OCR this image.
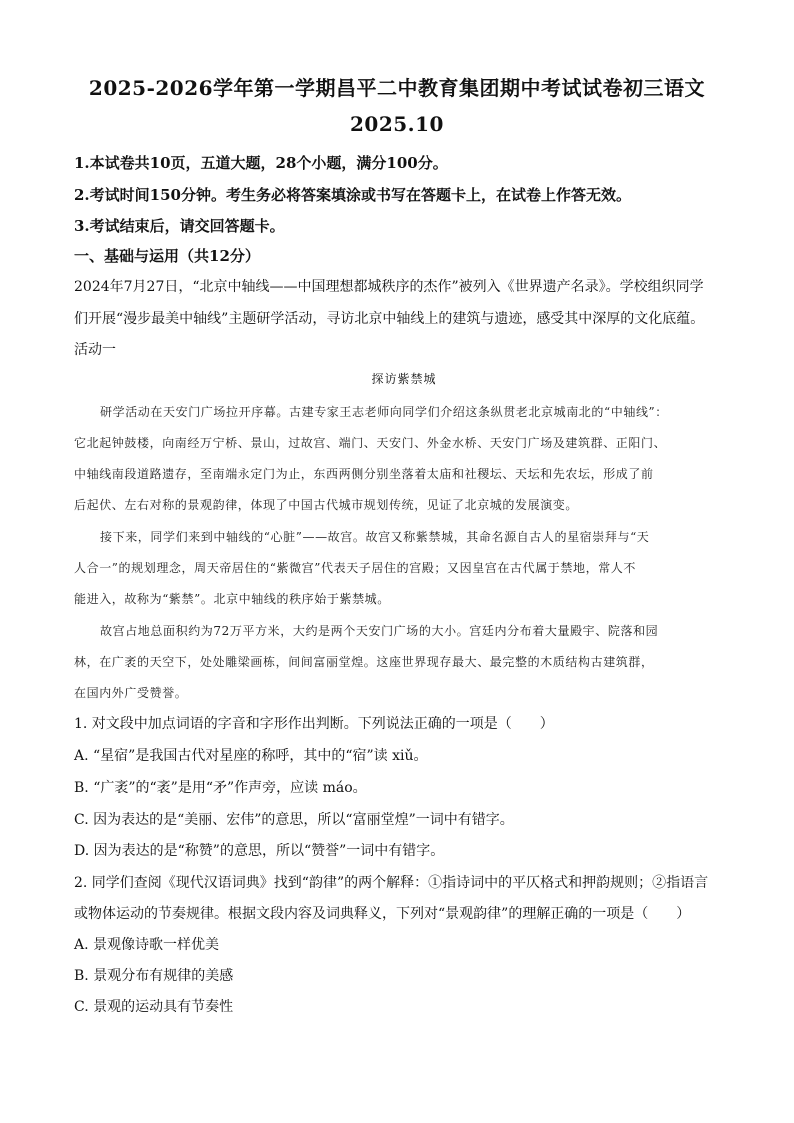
2025-2026学年第一学期昌平二中教育集团期中考试试卷初三语文
2025.10
1.本试卷共10页，五道大题，28个小题，满分100分。
2.考试时间150分钟。考生务必将答案填涂或书写在答题卡上，在试卷上作答无效。
3.考试结束后，请交回答题卡。
一、基础与运用（共12分）
2024年7月27日，“北京中轴线——中国理想都城秩序的杰作”被列入《世界遗产名录》。学校组织同学
们开展“漫步最美中轴线”主题研学活动，寻访北京中轴线上的建筑与遗迹，感受其中深厚的文化底蕴。
活动一
探访紫禁城
研学活动在天安门广场拉开序幕。古建专家王志老师向同学们介绍这条纵贯老北京城南北的“中轴线”：
它北起钟鼓楼，向南经万宁桥、景山，过故宫、端门、天安门、外金水桥、天安门广场及建筑群、正阳门、
中轴线南段道路遗存，至南端永定门为止，东西两侧分别坐落着太庙和社稷坛、天坛和先农坛，形成了前
后起伏、左右对称的景观韵律，体现了中国古代城市规划传统，见证了北京城的发展演变。
接下来，同学们来到中轴线的“心脏”——故宫。故宫又称紫禁城，其命名源自古人的星宿崇拜与“天
人合一”的规划理念，周天帝居住的“紫微宫”代表天子居住的宫殿；又因皇宫在古代属于禁地，常人不
能进入，故称为“紫禁”。北京中轴线的秩序始于紫禁城。
故宫占地总面积约为72万平方米，大约是两个天安门广场的大小。宫廷内分布着大量殿宇、院落和园
林，在广袤的天空下，处处雕梁画栋，间间富丽堂煌。这座世界现存最大、最完整的木质结构古建筑群，
在国内外广受赞誉。
1. 对文段中加点词语的字音和字形作出判断。下列说法正确的一项是（　　）
A. “星宿”是我国古代对星座的称呼，其中的“宿”读 xiǔ。
B. “广袤”的“袤”是用“矛”作声旁，应读 máo。
C. 因为表达的是“美丽、宏伟”的意思，所以“富丽堂煌”一词中有错字。
D. 因为表达的是“称赞”的意思，所以“赞誉”一词中有错字。
2. 同学们查阅《现代汉语词典》找到“韵律”的两个解释：①指诗词中的平仄格式和押韵规则；②指语言
或物体运动的节奏规律。根据文段内容及词典释义，下列对“景观韵律”的理解正确的一项是（　　）
A. 景观像诗歌一样优美
B. 景观分布有规律的美感
C. 景观的运动具有节奏性
